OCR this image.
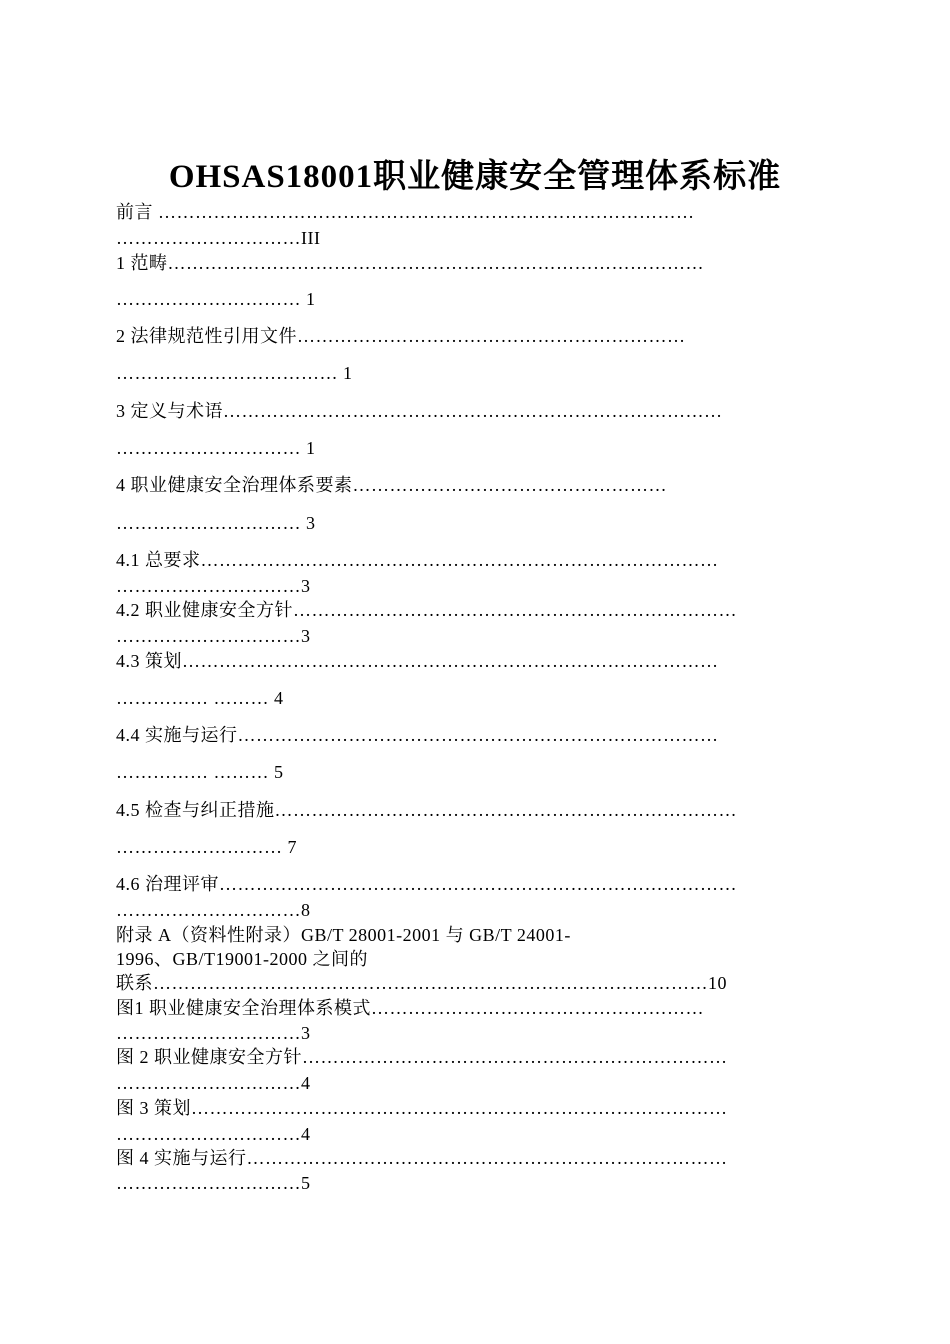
OHSAS18001职业健康安全管理体系标准
前言 ……………………………………………………………………………
…………………………III
1 范畴……………………………………………………………………………
………………………… 1
2 法律规范性引用文件………………………………………………………
……………………………… 1
3 定义与术语………………………………………………………………………
………………………… 1
4 职业健康安全治理体系要素……………………………………………
………………………… 3
4.1 总要求…………………………………………………………………………
…………………………3
4.2 职业健康安全方针………………………………………………………………
…………………………3
4.3 策划……………………………………………………………………………
…………… ……… 4
4.4 实施与运行……………………………………………………………………
…………… ……… 5
4.5 检查与纠正措施…………………………………………………………………
……………………… 7
4.6 治理评审…………………………………………………………………………
…………………………8
附录 A（资料性附录）GB/T 28001-2001 与 GB/T 24001-
1996、GB/T19001-2000 之间的
联系………………………………………………………………………………10
图1 职业健康安全治理体系模式………………………………………………
…………………………3
图 2 职业健康安全方针……………………………………………………………
…………………………4
图 3 策划……………………………………………………………………………
…………………………4
图 4 实施与运行……………………………………………………………………
…………………………5
